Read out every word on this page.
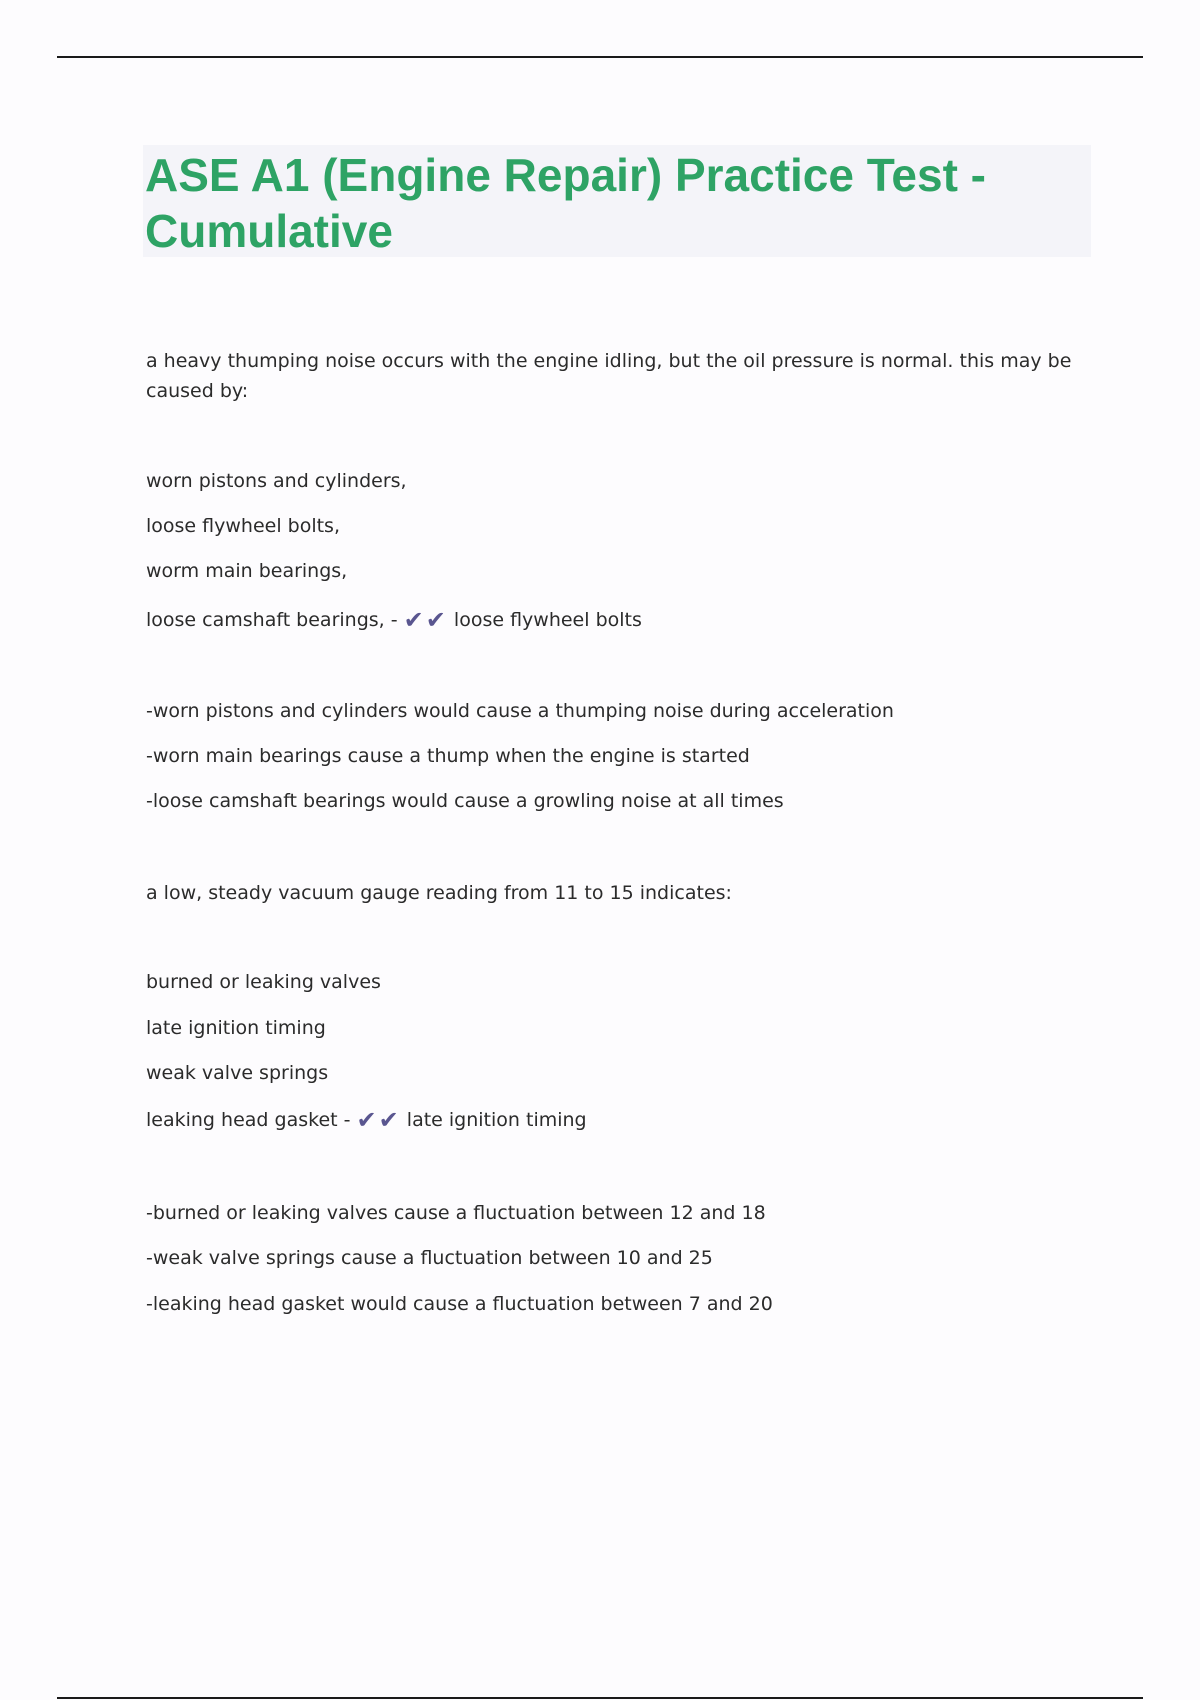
ASE A1 (Engine Repair) Practice Test - Cumulative

a heavy thumping noise occurs with the engine idling, but the oil pressure is normal. this may be caused by:

worn pistons and cylinders,

loose flywheel bolts,

worm main bearings,

loose camshaft bearings, - ✔✔ loose flywheel bolts

-worn pistons and cylinders would cause a thumping noise during acceleration

-worn main bearings cause a thump when the engine is started

-loose camshaft bearings would cause a growling noise at all times

a low, steady vacuum gauge reading from 11 to 15 indicates:

burned or leaking valves

late ignition timing

weak valve springs

leaking head gasket - ✔✔ late ignition timing

-burned or leaking valves cause a fluctuation between 12 and 18

-weak valve springs cause a fluctuation between 10 and 25

-leaking head gasket would cause a fluctuation between 7 and 20
